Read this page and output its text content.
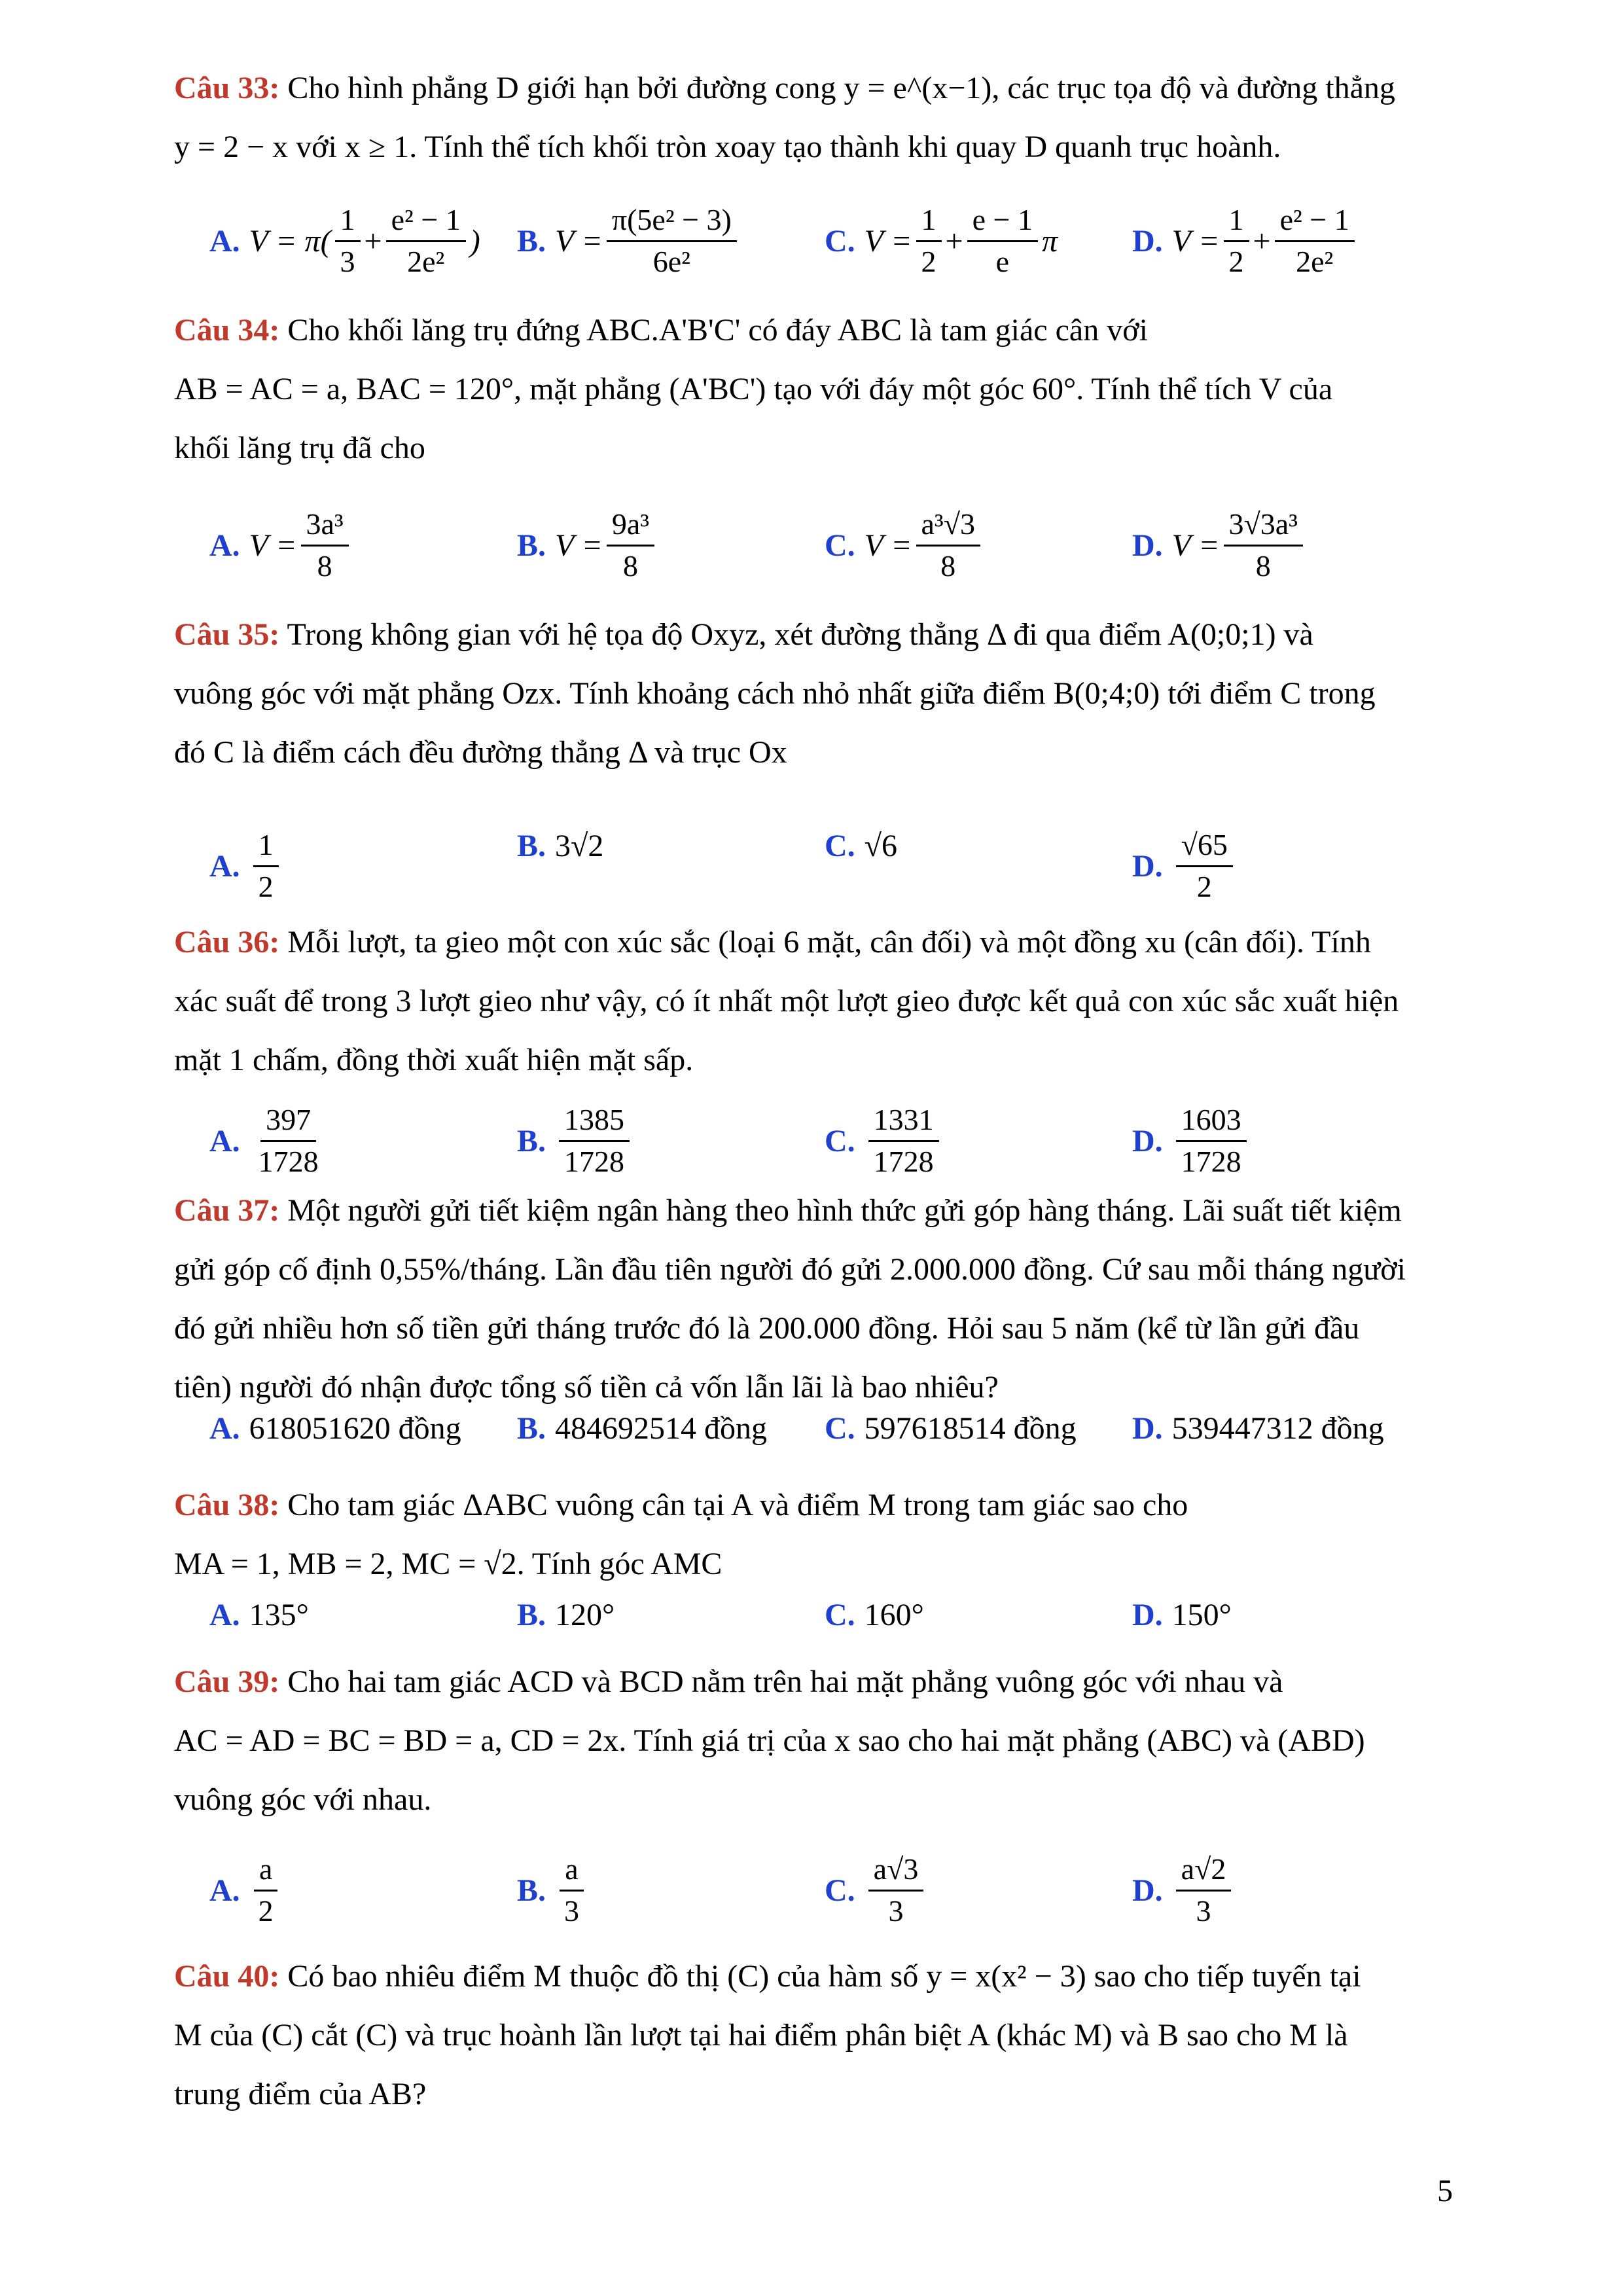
Câu 33: Cho hình phẳng D giới hạn bởi đường cong y = e^(x−1), các trục tọa độ và đường thẳng
y = 2 − x với x ≥ 1. Tính thể tích khối tròn xoay tạo thành khi quay D quanh trục hoành.
A. $V = \pi( \frac{1}{3} + \frac{\text{e² − 1}}{\text{2e²}}$ ) B. $V = \frac{\text{π(5e² − 3)}}{\text{6e²}}$	C. $V = \frac{1}{2} + \frac{e - 1}{e}$ π D. $V = \frac{1}{2} + \frac{\text{e² − 1}}{\text{2e²}}$
Câu 34: Cho khối lăng trụ đứng ABC.A'B'C' có đáy ABC là tam giác cân với
AB = AC = a, BAC = 120°, mặt phẳng (A'BC') tạo với đáy một góc 60°. Tính thể tích V của
khối lăng trụ đã cho
A. $V = \frac{\text{3a³}}{8}$	B. $V = \frac{\text{9a³}}{8}$	C. $V = \frac{\text{a³√3}}{8}$	D. $V = \frac{\text{3√3a³}}{8}$
Câu 35: Trong không gian với hệ tọa độ Oxyz, xét đường thẳng Δ đi qua điểm A(0;0;1) và
vuông góc với mặt phẳng Ozx. Tính khoảng cách nhỏ nhất giữa điểm B(0;4;0) tới điểm C trong
đó C là điểm cách đều đường thẳng Δ và trục Ox
A. $\frac{1}{2}$	B. 3√2	C. √6
D. $\frac{√65}{2}$
Câu 36: Mỗi lượt, ta gieo một con xúc sắc (loại 6 mặt, cân đối) và một đồng xu (cân đối). Tính
xác suất để trong 3 lượt gieo như vậy, có ít nhất một lượt gieo được kết quả con xúc sắc xuất hiện
mặt 1 chấm, đồng thời xuất hiện mặt sấp.
A. $\frac{397}{1728}$	B. $\frac{1385}{1728}$	C. $\frac{1331}{1728}$	D. $\frac{1603}{1728}$
Câu 37: Một người gửi tiết kiệm ngân hàng theo hình thức gửi góp hàng tháng. Lãi suất tiết kiệm
gửi góp cố định 0,55%/tháng. Lần đầu tiên người đó gửi 2.000.000 đồng. Cứ sau mỗi tháng người
đó gửi nhiều hơn số tiền gửi tháng trước đó là 200.000 đồng. Hỏi sau 5 năm (kể từ lần gửi đầu
tiên) người đó nhận được tổng số tiền cả vốn lẫn lãi là bao nhiêu?
A. 618051620 đồng B. 484692514 đồng C. 597618514 đồng D. 539447312 đồng
Câu 38: Cho tam giác ΔABC vuông cân tại A và điểm M trong tam giác sao cho
MA = 1, MB = 2, MC = √2. Tính góc AMC
A. 135°	B. 120°	C. 160°	D. 150°
Câu 39: Cho hai tam giác ACD và BCD nằm trên hai mặt phẳng vuông góc với nhau và
AC = AD = BC = BD = a, CD = 2x. Tính giá trị của x sao cho hai mặt phẳng (ABC) và (ABD)
vuông góc với nhau.
A. $\frac{a}{2}$	B. $\frac{a}{3}$	C. $\frac{a√3}{3}$	D. $\frac{a√2}{3}$
Câu 40: Có bao nhiêu điểm M thuộc đồ thị (C) của hàm số y = x(x² − 3) sao cho tiếp tuyến tại
M của (C) cắt (C) và trục hoành lần lượt tại hai điểm phân biệt A (khác M) và B sao cho M là
trung điểm của AB?
5
